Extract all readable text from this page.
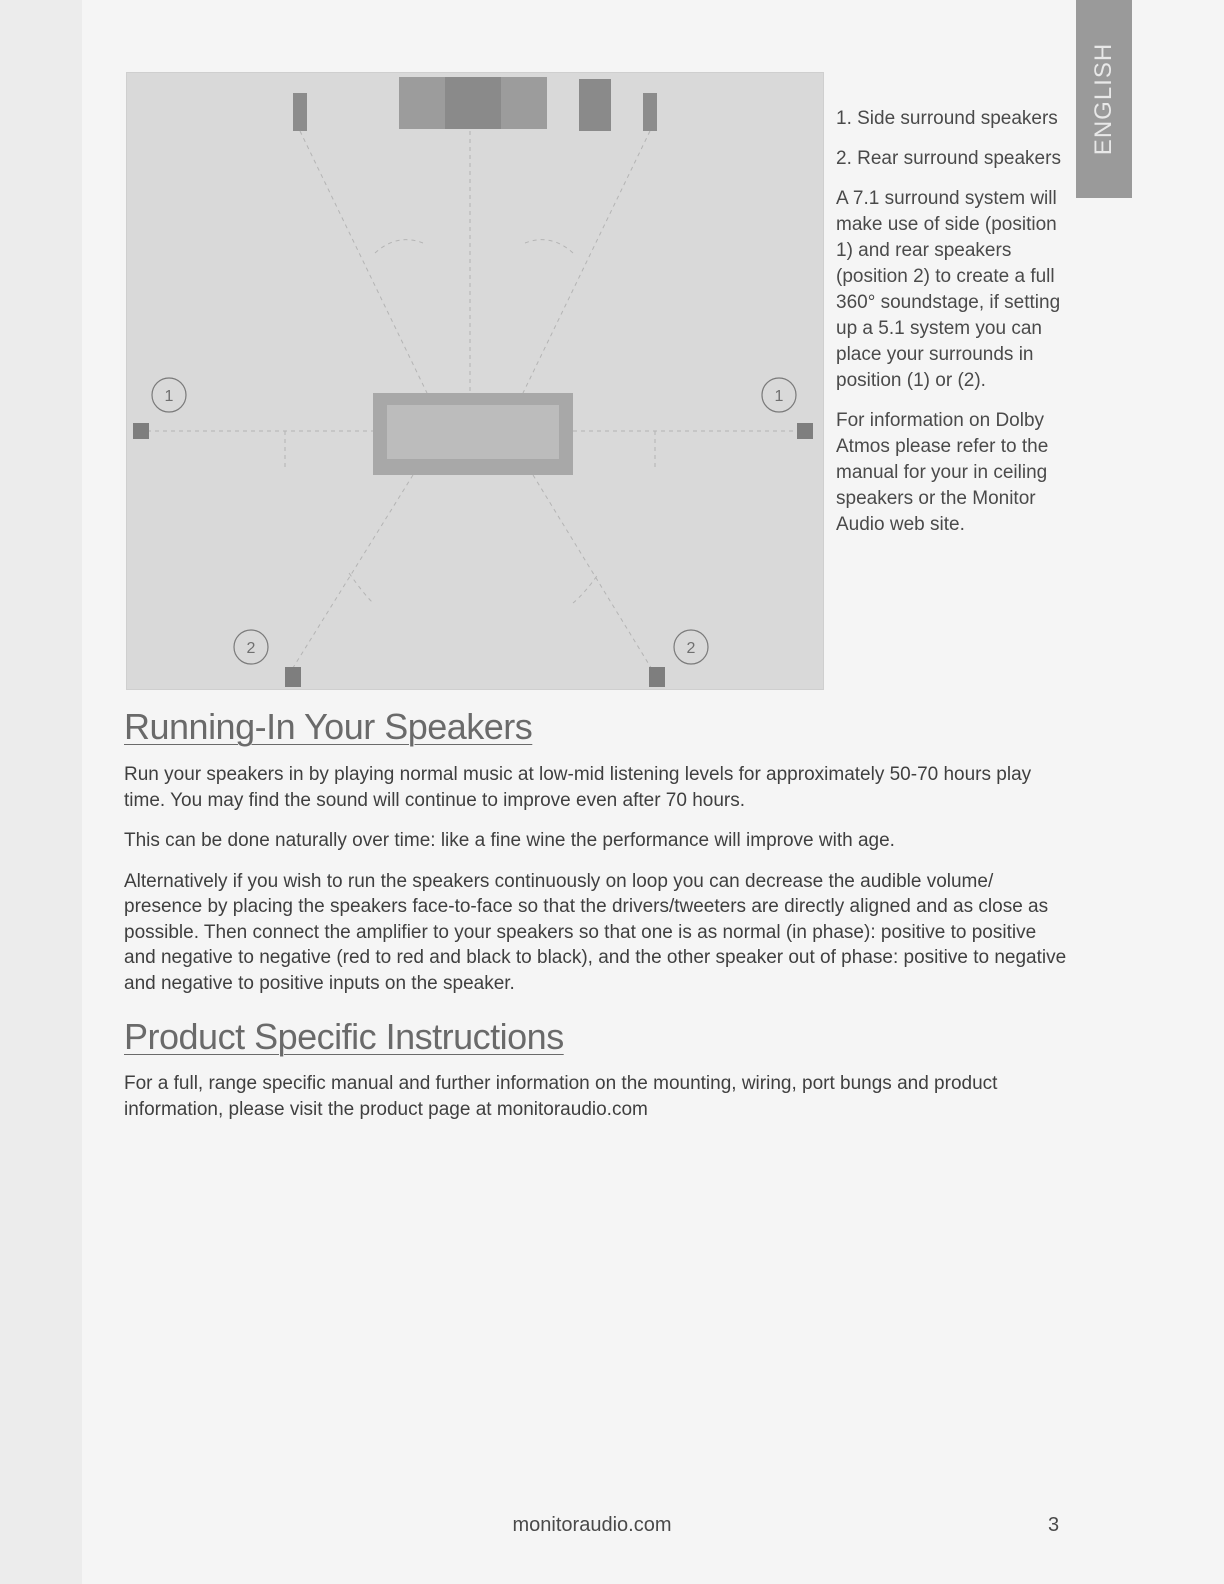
ENGLISH
1	1
2	2

1. Side surround speakers

2. Rear surround speakers

A 7.1 surround system will make use of side (position 1) and rear speakers (position 2) to create a full 360° soundstage, if setting up a 5.1 system you can place your surrounds in position (1) or (2).

For information on Dolby Atmos please refer to the manual for your in ceiling speakers or the Monitor Audio web site.

Running-In Your Speakers

Run your speakers in by playing normal music at low-mid listening levels for approximately 50-70 hours play time. You may find the sound will continue to improve even after 70 hours.

This can be done naturally over time: like a fine wine the performance will improve with age.

Alternatively if you wish to run the speakers continuously on loop you can decrease the audible volume/ presence by placing the speakers face-to-face so that the drivers/tweeters are directly aligned and as close as possible. Then connect the amplifier to your speakers so that one is as normal (in phase): positive to positive and negative to negative (red to red and black to black), and the other speaker out of phase: positive to negative and negative to positive inputs on the speaker.

Product Specific Instructions

For a full, range specific manual and further information on the mounting, wiring, port bungs and product information, please visit the product page at monitoraudio.com

monitoraudio.com	3
